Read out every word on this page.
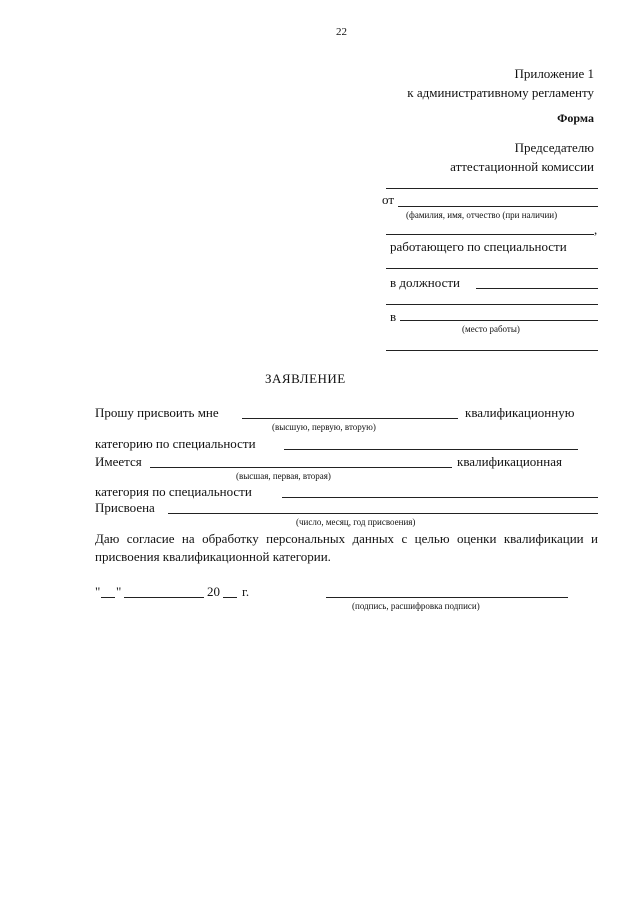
22
Приложение 1
к административному регламенту
Форма
Председателю
аттестационной комиссии
от
(фамилия, имя, отчество (при наличии)
,
работающего по специальности
в должности
в
(место работы)
ЗАЯВЛЕНИЕ
Прошу присвоить мне	квалификационную
(высшую, первую, вторую)
категорию по специальности
Имеется	квалификационная
(высшая, первая, вторая)
категория по специальности
Присвоена
(число, месяц, год присвоения)
Даю согласие на обработку персональных данных с целью оценки квалификации и присвоения квалификационной категории.
" "	20 г.
(подпись, расшифровка подписи)
